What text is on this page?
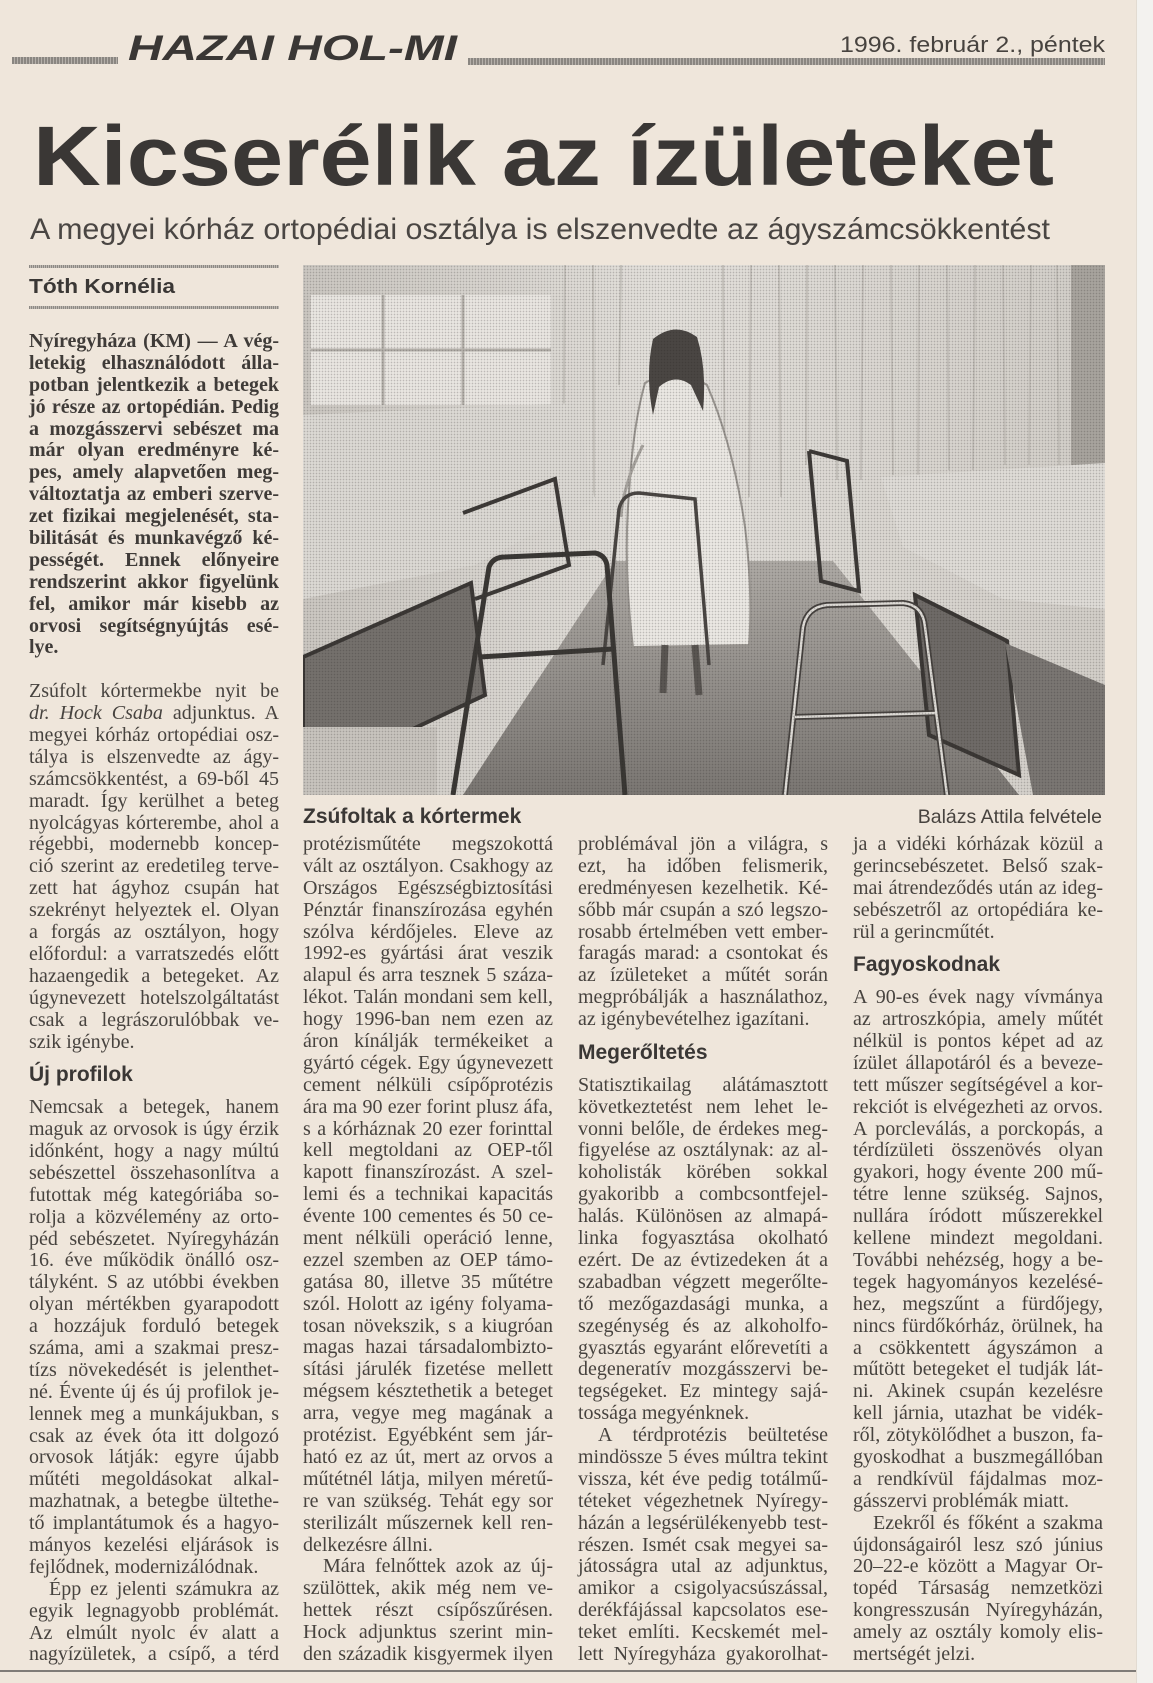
HAZAI HOL-MI	1996. február 2., péntek
Kicserélik az ízületeket
A megyei kórház ortopédiai osztálya is elszenvedte az ágyszámcsökkentést
Tóth Kornélia
Zsúfoltak a kórtermek	Balázs Attila felvétele
Nyíregyháza (KM) — A vég-
letekig elhasználódott álla-
potban jelentkezik a betegek
jó része az ortopédián. Pedig
a mozgásszervi sebészet ma
már olyan eredményre ké-
pes, amely alapvetően meg-
változtatja az emberi szerve-
zet fizikai megjelenését, sta-
bilitását és munkavégző ké-
pességét. Ennek előnyeire
rendszerint akkor figyelünk
fel, amikor már kisebb az
orvosi segítségnyújtás esé-
lye.
Zsúfolt kórtermekbe nyit be
dr. Hock Csaba adjunktus. A
megyei kórház ortopédiai osz-
tálya is elszenvedte az ágy-
számcsökkentést, a 69-ből 45
maradt. Így kerülhet a beteg
nyolcágyas kórterembe, ahol a
régebbi, modernebb koncep-
ció szerint az eredetileg terve-
zett hat ágyhoz csupán hat
szekrényt helyeztek el. Olyan
a forgás az osztályon, hogy
előfordul: a varratszedés előtt
hazaengedik a betegeket. Az
úgynevezett hotelszolgáltatást
csak a legrászorulóbbak ve-
szik igénybe.
Új profilok
Nemcsak a betegek, hanem
maguk az orvosok is úgy érzik
időnként, hogy a nagy múltú
sebészettel összehasonlítva a
futottak még kategóriába so-
rolja a közvélemény az orto-
péd sebészetet. Nyíregyházán
16. éve működik önálló osz-
tályként. S az utóbbi években
olyan mértékben gyarapodott
a hozzájuk forduló betegek
száma, ami a szakmai presz-
tízs növekedését is jelenthet-
né. Évente új és új profilok je-
lennek meg a munkájukban, s
csak az évek óta itt dolgozó
orvosok látják: egyre újabb
műtéti megoldásokat alkal-
mazhatnak, a betegbe ültethe-
tő implantátumok és a hagyo-
mányos kezelési eljárások is
fejlődnek, modernizálódnak.
Épp ez jelenti számukra az
egyik legnagyobb problémát.
Az elmúlt nyolc év alatt a
nagyízületek, a csípő, a térd
protézisműtéte megszokottá
vált az osztályon. Csakhogy az
Országos Egészségbiztosítási
Pénztár finanszírozása egyhén
szólva kérdőjeles. Eleve az
1992-es gyártási árat veszik
alapul és arra tesznek 5 száza-
lékot. Talán mondani sem kell,
hogy 1996-ban nem ezen az
áron kínálják termékeiket a
gyártó cégek. Egy úgynevezett
cement nélküli csípőprotézis
ára ma 90 ezer forint plusz áfa,
s a kórháznak 20 ezer forinttal
kell megtoldani az OEP-től
kapott finanszírozást. A szel-
lemi és a technikai kapacitás
évente 100 cementes és 50 ce-
ment nélküli operáció lenne,
ezzel szemben az OEP támo-
gatása 80, illetve 35 műtétre
szól. Holott az igény folyama-
tosan növekszik, s a kiugróan
magas hazai társadalombizto-
sítási járulék fizetése mellett
mégsem késztethetik a beteget
arra, vegye meg magának a
protézist. Egyébként sem jár-
ható ez az út, mert az orvos a
műtétnél látja, milyen méretű-
re van szükség. Tehát egy sor
sterilizált műszernek kell ren-
delkezésre állni.
Mára felnőttek azok az új-
szülöttek, akik még nem ve-
hettek részt csípőszűrésen.
Hock adjunktus szerint min-
den századik kisgyermek ilyen
problémával jön a világra, s
ezt, ha időben felismerik,
eredményesen kezelhetik. Ké-
sőbb már csupán a szó legszo-
rosabb értelmében vett ember-
faragás marad: a csontokat és
az ízületeket a műtét során
megpróbálják a használathoz,
az igénybevételhez igazítani.
Megerőltetés
Statisztikailag alátámasztott
következtetést nem lehet le-
vonni belőle, de érdekes meg-
figyelése az osztálynak: az al-
koholisták körében sokkal
gyakoribb a combcsontfejel-
halás. Különösen az almapá-
linka fogyasztása okolható
ezért. De az évtizedeken át a
szabadban végzett megerőlte-
tő mezőgazdasági munka, a
szegénység és az alkoholfo-
gyasztás egyaránt előrevetíti a
degeneratív mozgásszervi be-
tegségeket. Ez mintegy sajá-
tossága megyénknek.
A térdprotézis beültetése
mindössze 5 éves múltra tekint
vissza, két éve pedig totálmű-
téteket végezhetnek Nyíregy-
házán a legsérülékenyebb test-
részen. Ismét csak megyei sa-
játosságra utal az adjunktus,
amikor a csigolyacsúszással,
derékfájással kapcsolatos ese-
teket említi. Kecskemét mel-
lett Nyíregyháza gyakorolhat-
ja a vidéki kórházak közül a
gerincsebészetet. Belső szak-
mai átrendeződés után az ideg-
sebészetről az ortopédiára ke-
rül a gerincműtét.
Fagyoskodnak
A 90-es évek nagy vívmánya
az artroszkópia, amely műtét
nélkül is pontos képet ad az
ízület állapotáról és a beveze-
tett műszer segítségével a kor-
rekciót is elvégezheti az orvos.
A porcleválás, a porckopás, a
térdízületi összenövés olyan
gyakori, hogy évente 200 mű-
tétre lenne szükség. Sajnos,
nullára íródott műszerekkel
kellene mindezt megoldani.
További nehézség, hogy a be-
tegek hagyományos kezelésé-
hez, megszűnt a fürdőjegy,
nincs fürdőkórház, örülnek, ha
a csökkentett ágyszámon a
műtött betegeket el tudják lát-
ni. Akinek csupán kezelésre
kell járnia, utazhat be vidék-
ről, zötykölődhet a buszon, fa-
gyoskodhat a buszmegállóban
a rendkívül fájdalmas moz-
gásszervi problémák miatt.
Ezekről és főként a szakma
újdonságairól lesz szó június
20–22-e között a Magyar Or-
topéd Társaság nemzetközi
kongresszusán Nyíregyházán,
amely az osztály komoly elis-
mertségét jelzi.
